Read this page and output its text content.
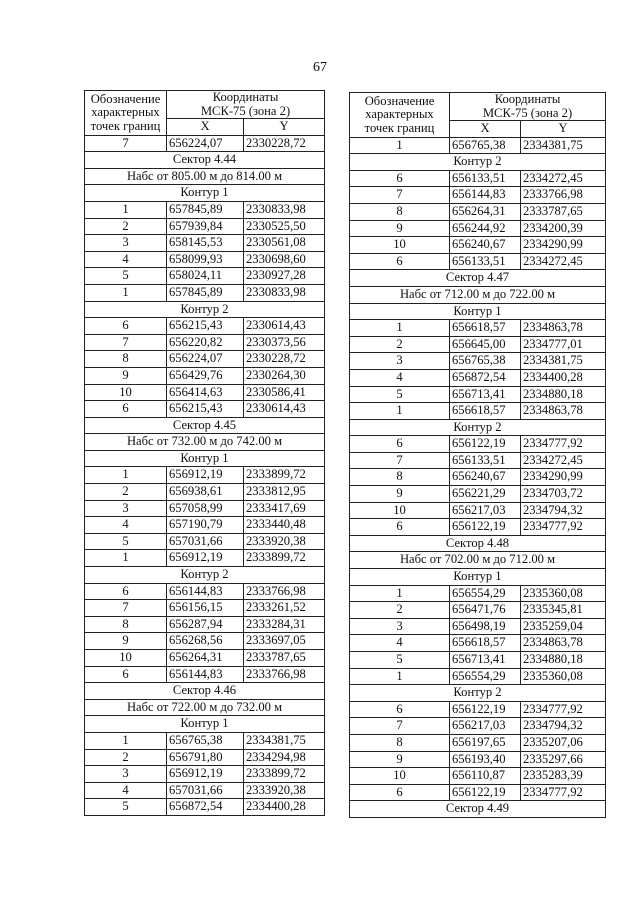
67
Обозначение
характерных
точек границ	Координаты
МСК-75 (зона 2)	
	X	Y
7	656224,07	2330228,72
Сектор 4.44		
Набс от 805.00 м до 814.00 м		
Контур 1		
1	657845,89	2330833,98
2	657939,84	2330525,50
3	658145,53	2330561,08
4	658099,93	2330698,60
5	658024,11	2330927,28
1	657845,89	2330833,98
Контур 2		
6	656215,43	2330614,43
7	656220,82	2330373,56
8	656224,07	2330228,72
9	656429,76	2330264,30
10	656414,63	2330586,41
6	656215,43	2330614,43
Сектор 4.45		
Набс от 732.00 м до 742.00 м		
Контур 1		
1	656912,19	2333899,72
2	656938,61	2333812,95
3	657058,99	2333417,69
4	657190,79	2333440,48
5	657031,66	2333920,38
1	656912,19	2333899,72
Контур 2		
6	656144,83	2333766,98
7	656156,15	2333261,52
8	656287,94	2333284,31
9	656268,56	2333697,05
10	656264,31	2333787,65
6	656144,83	2333766,98
Сектор 4.46		
Набс от 722.00 м до 732.00 м		
Контур 1		
1	656765,38	2334381,75
2	656791,80	2334294,98
3	656912,19	2333899,72
4	657031,66	2333920,38
5	656872,54	2334400,28
Обозначение
характерных
точек границ	Координаты
МСК-75 (зона 2)	
	X	Y
1	656765,38	2334381,75
Контур 2		
6	656133,51	2334272,45
7	656144,83	2333766,98
8	656264,31	2333787,65
9	656244,92	2334200,39
10	656240,67	2334290,99
6	656133,51	2334272,45
Сектор 4.47		
Набс от 712.00 м до 722.00 м		
Контур 1		
1	656618,57	2334863,78
2	656645,00	2334777,01
3	656765,38	2334381,75
4	656872,54	2334400,28
5	656713,41	2334880,18
1	656618,57	2334863,78
Контур 2		
6	656122,19	2334777,92
7	656133,51	2334272,45
8	656240,67	2334290,99
9	656221,29	2334703,72
10	656217,03	2334794,32
6	656122,19	2334777,92
Сектор 4.48		
Набс от 702.00 м до 712.00 м		
Контур 1		
1	656554,29	2335360,08
2	656471,76	2335345,81
3	656498,19	2335259,04
4	656618,57	2334863,78
5	656713,41	2334880,18
1	656554,29	2335360,08
Контур 2		
6	656122,19	2334777,92
7	656217,03	2334794,32
8	656197,65	2335207,06
9	656193,40	2335297,66
10	656110,87	2335283,39
6	656122,19	2334777,92
Сектор 4.49		
